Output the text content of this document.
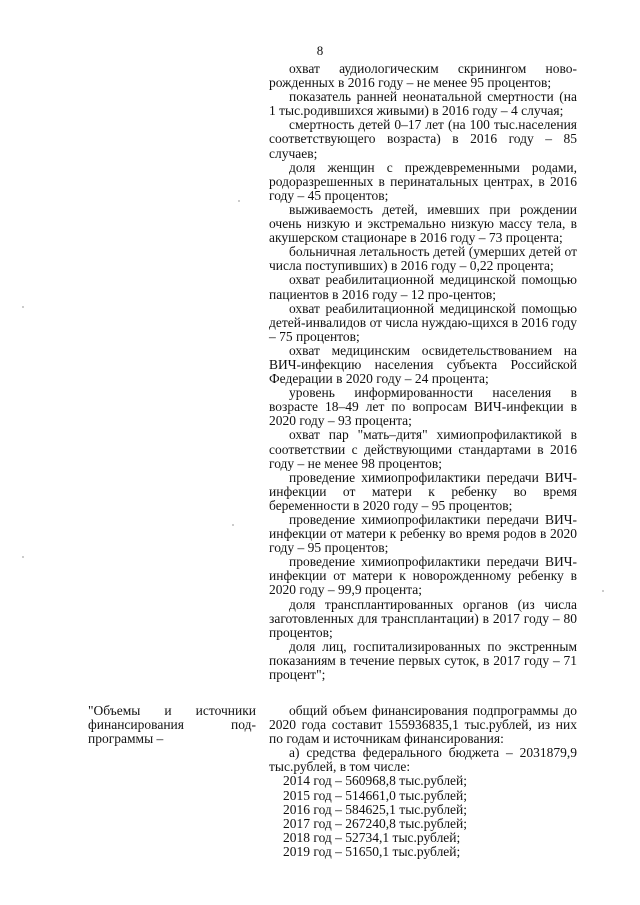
8

охват аудиологическим скринингом ново-рожденных в 2016 году – не менее 95 процентов;

показатель ранней неонатальной смертности (на 1 тыс.родившихся живыми) в 2016 году – 4 случая;

смертность детей 0–17 лет (на 100 тыс.населения соответствующего возраста) в 2016 году – 85 случаев;

доля женщин с преждевременными родами, родоразрешенных в перинатальных центрах, в 2016 году – 45 процентов;

выживаемость детей, имевших при рождении очень низкую и экстремально низкую массу тела, в акушерском стационаре в 2016 году – 73 процента;

больничная летальность детей (умерших детей от числа поступивших) в 2016 году – 0,22 процента;

охват реабилитационной медицинской помощью пациентов в 2016 году – 12 про-центов;

охват реабилитационной медицинской помощью детей-инвалидов от числа нуждаю-щихся в 2016 году – 75 процентов;

охват медицинским освидетельствованием на ВИЧ-инфекцию населения субъекта Российской Федерации в 2020 году – 24 процента;

уровень информированности населения в возрасте 18–49 лет по вопросам ВИЧ-инфекции в 2020 году – 93 процента;

охват пар "мать–дитя" химиопрофилактикой в соответствии с действующими стандартами в 2016 году – не менее 98 процентов;

проведение химиопрофилактики передачи ВИЧ-инфекции от матери к ребенку во время беременности в 2020 году – 95 процентов;

проведение химиопрофилактики передачи ВИЧ-инфекции от матери к ребенку во время родов в 2020 году – 95 процентов;

проведение химиопрофилактики передачи ВИЧ-инфекции от матери к новорожденному ребенку в 2020 году – 99,9 процента;

доля трансплантированных органов (из числа заготовленных для трансплантации) в 2017 году – 80 процентов;

доля лиц, госпитализированных по экстренным показаниям в течение первых суток, в 2017 году – 71 процент";

"Объемы и источники финансирования под-программы –

общий объем финансирования подпрограммы до 2020 года составит 155936835,1 тыс.рублей, из них по годам и источникам финансирования:

а) средства федерального бюджета – 2031879,9 тыс.рублей, в том числе:

2014 год – 560968,8 тыс.рублей;

2015 год – 514661,0 тыс.рублей;

2016 год – 584625,1 тыс.рублей;

2017 год – 267240,8 тыс.рублей;

2018 год – 52734,1 тыс.рублей;

2019 год – 51650,1 тыс.рублей;
